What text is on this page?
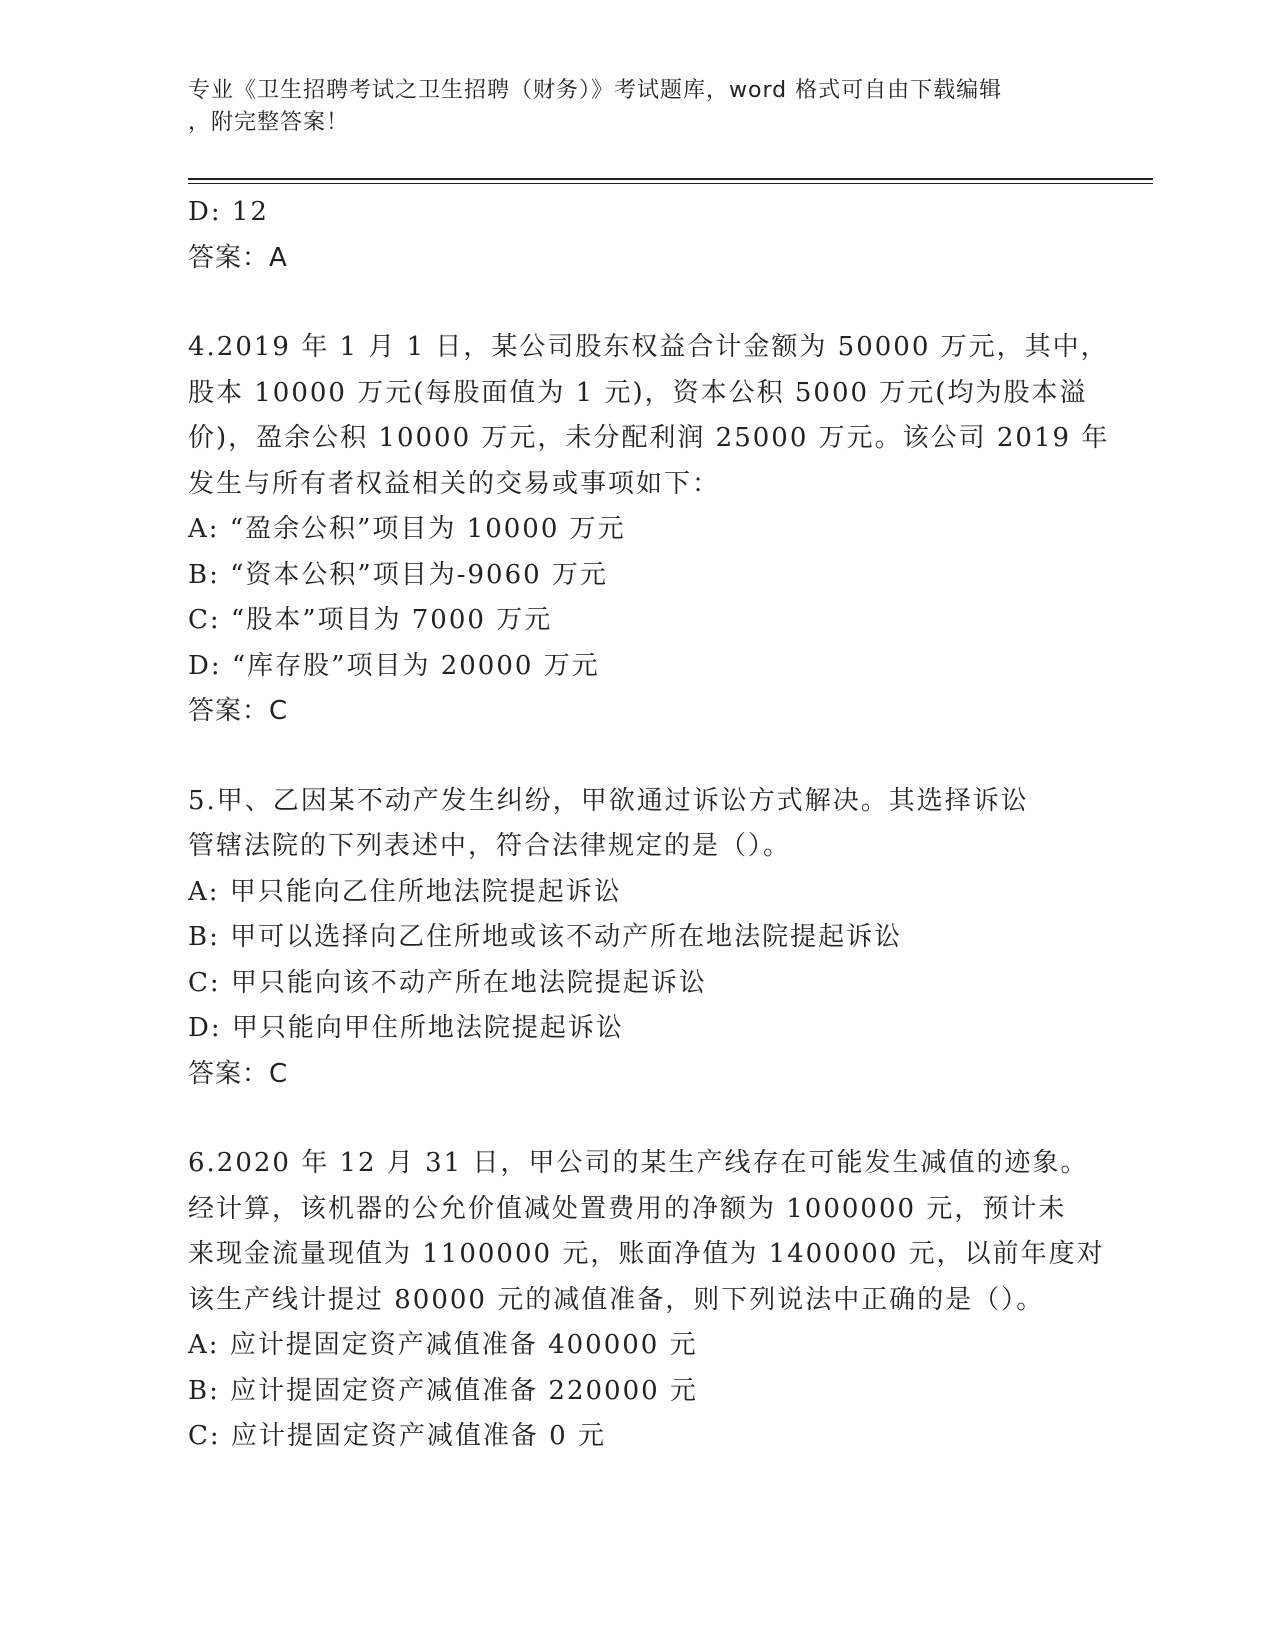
专业《卫生招聘考试之卫生招聘（财务）》考试题库，word 格式可自由下载编辑
，附完整答案！
D: 12
答案：A
4.2019 年 1 月 1 日，某公司股东权益合计金额为 50000 万元，其中，
股本 10000 万元(每股面值为 1 元)，资本公积 5000 万元(均为股本溢
价)，盈余公积 10000 万元，未分配利润 25000 万元。该公司 2019 年
发生与所有者权益相关的交易或事项如下：
A: “盈余公积”项目为 10000 万元
B: “资本公积”项目为-9060 万元
C: “股本”项目为 7000 万元
D: “库存股”项目为 20000 万元
答案：C
5.甲、乙因某不动产发生纠纷，甲欲通过诉讼方式解决。其选择诉讼
管辖法院的下列表述中，符合法律规定的是（）。
A: 甲只能向乙住所地法院提起诉讼
B: 甲可以选择向乙住所地或该不动产所在地法院提起诉讼
C: 甲只能向该不动产所在地法院提起诉讼
D: 甲只能向甲住所地法院提起诉讼
答案：C
6.2020 年 12 月 31 日，甲公司的某生产线存在可能发生减值的迹象。
经计算，该机器的公允价值减处置费用的净额为 1000000 元，预计未
来现金流量现值为 1100000 元，账面净值为 1400000 元，以前年度对
该生产线计提过 80000 元的减值准备，则下列说法中正确的是（）。
A: 应计提固定资产减值准备 400000 元
B: 应计提固定资产减值准备 220000 元
C: 应计提固定资产减值准备 0 元
